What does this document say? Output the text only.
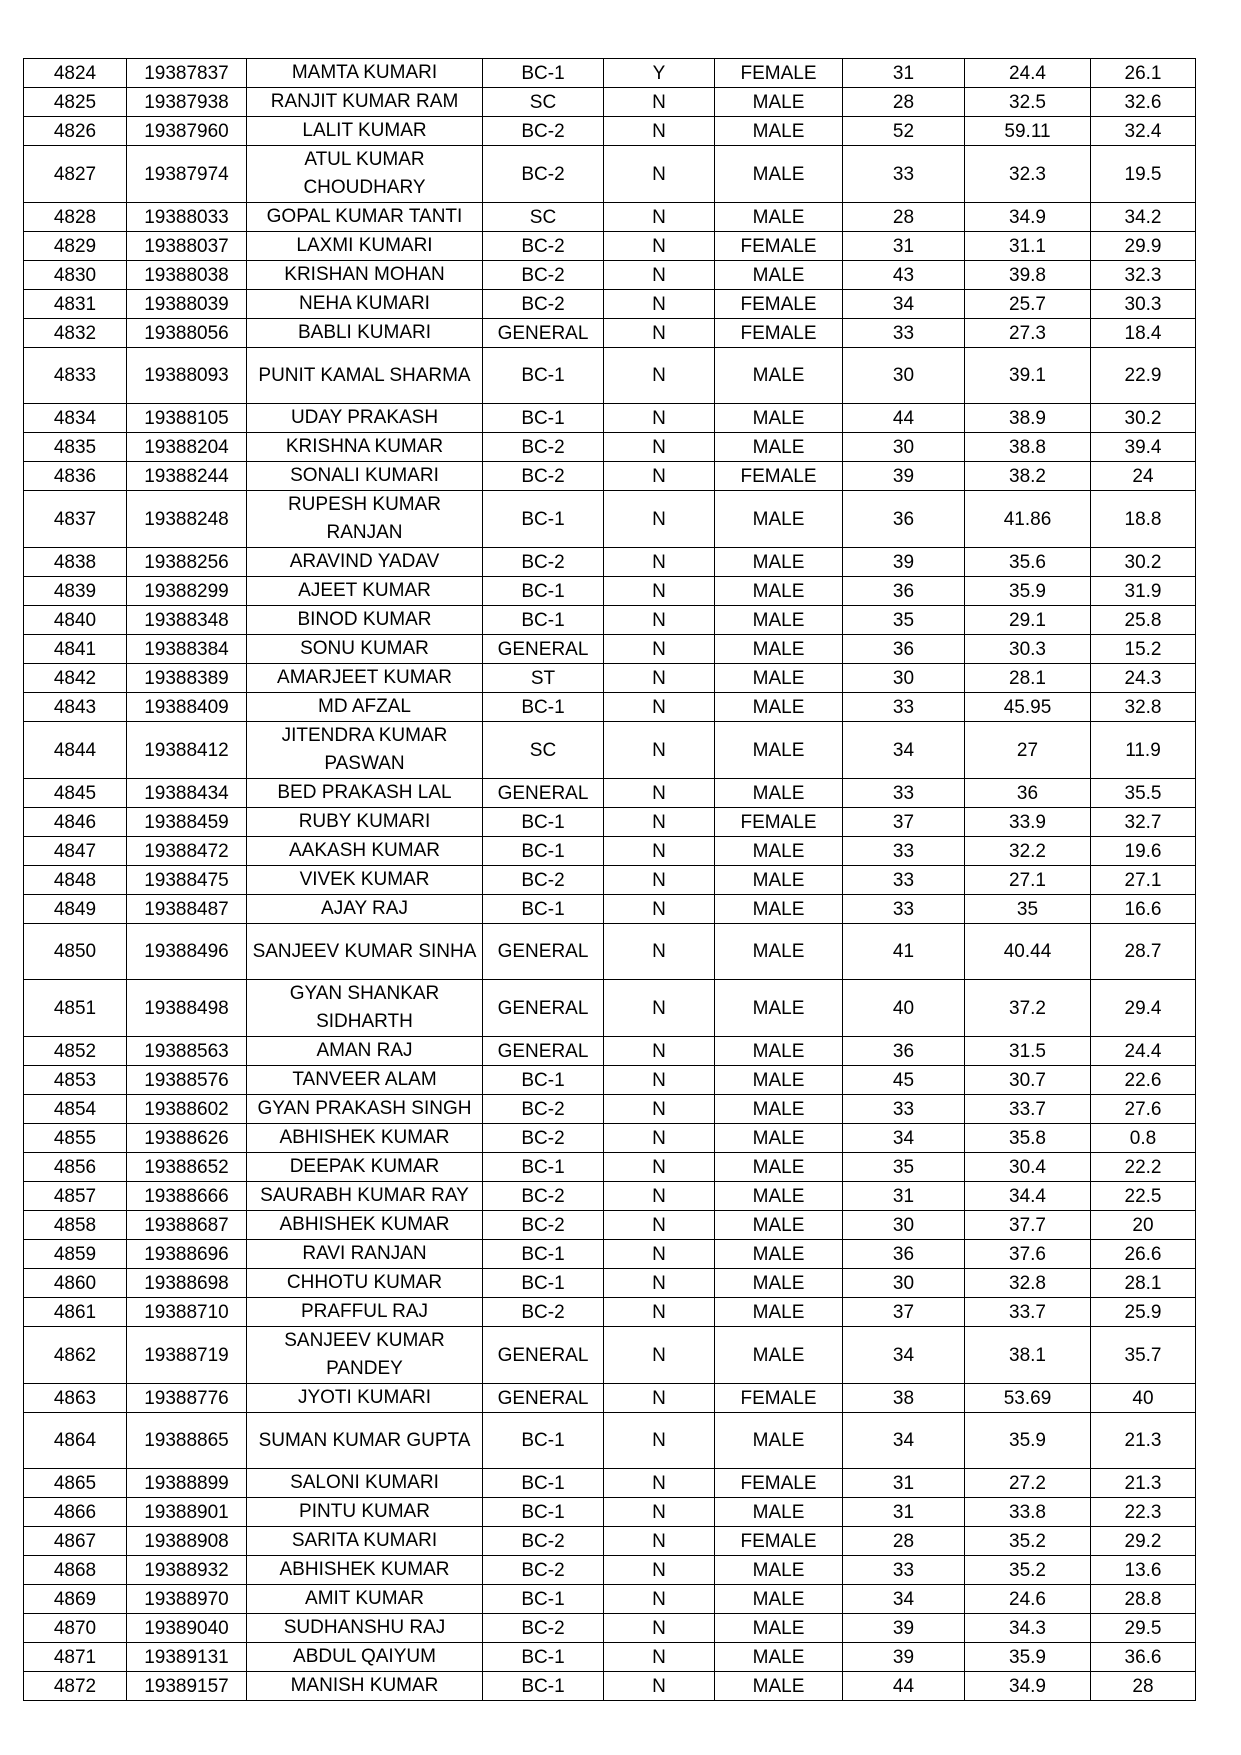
4824	19387837	MAMTA KUMARI	BC-1	Y	FEMALE	31	24.4	26.1
4825	19387938	RANJIT KUMAR RAM	SC	N	MALE	28	32.5	32.6
4826	19387960	LALIT KUMAR	BC-2	N	MALE	52	59.11	32.4
4827	19387974	ATUL KUMAR CHOUDHARY	BC-2	N	MALE	33	32.3	19.5
4828	19388033	GOPAL KUMAR TANTI	SC	N	MALE	28	34.9	34.2
4829	19388037	LAXMI KUMARI	BC-2	N	FEMALE	31	31.1	29.9
4830	19388038	KRISHAN MOHAN	BC-2	N	MALE	43	39.8	32.3
4831	19388039	NEHA KUMARI	BC-2	N	FEMALE	34	25.7	30.3
4832	19388056	BABLI KUMARI	GENERAL	N	FEMALE	33	27.3	18.4
4833	19388093	PUNIT KAMAL SHARMA	BC-1	N	MALE	30	39.1	22.9
4834	19388105	UDAY PRAKASH	BC-1	N	MALE	44	38.9	30.2
4835	19388204	KRISHNA KUMAR	BC-2	N	MALE	30	38.8	39.4
4836	19388244	SONALI KUMARI	BC-2	N	FEMALE	39	38.2	24
4837	19388248	RUPESH KUMAR RANJAN	BC-1	N	MALE	36	41.86	18.8
4838	19388256	ARAVIND YADAV	BC-2	N	MALE	39	35.6	30.2
4839	19388299	AJEET KUMAR	BC-1	N	MALE	36	35.9	31.9
4840	19388348	BINOD KUMAR	BC-1	N	MALE	35	29.1	25.8
4841	19388384	SONU KUMAR	GENERAL	N	MALE	36	30.3	15.2
4842	19388389	AMARJEET KUMAR	ST	N	MALE	30	28.1	24.3
4843	19388409	MD AFZAL	BC-1	N	MALE	33	45.95	32.8
4844	19388412	JITENDRA KUMAR PASWAN	SC	N	MALE	34	27	11.9
4845	19388434	BED PRAKASH LAL	GENERAL	N	MALE	33	36	35.5
4846	19388459	RUBY KUMARI	BC-1	N	FEMALE	37	33.9	32.7
4847	19388472	AAKASH KUMAR	BC-1	N	MALE	33	32.2	19.6
4848	19388475	VIVEK KUMAR	BC-2	N	MALE	33	27.1	27.1
4849	19388487	AJAY RAJ	BC-1	N	MALE	33	35	16.6
4850	19388496	SANJEEV KUMAR SINHA	GENERAL	N	MALE	41	40.44	28.7
4851	19388498	GYAN SHANKAR SIDHARTH	GENERAL	N	MALE	40	37.2	29.4
4852	19388563	AMAN RAJ	GENERAL	N	MALE	36	31.5	24.4
4853	19388576	TANVEER ALAM	BC-1	N	MALE	45	30.7	22.6
4854	19388602	GYAN PRAKASH SINGH	BC-2	N	MALE	33	33.7	27.6
4855	19388626	ABHISHEK KUMAR	BC-2	N	MALE	34	35.8	0.8
4856	19388652	DEEPAK KUMAR	BC-1	N	MALE	35	30.4	22.2
4857	19388666	SAURABH KUMAR RAY	BC-2	N	MALE	31	34.4	22.5
4858	19388687	ABHISHEK KUMAR	BC-2	N	MALE	30	37.7	20
4859	19388696	RAVI RANJAN	BC-1	N	MALE	36	37.6	26.6
4860	19388698	CHHOTU KUMAR	BC-1	N	MALE	30	32.8	28.1
4861	19388710	PRAFFUL RAJ	BC-2	N	MALE	37	33.7	25.9
4862	19388719	SANJEEV KUMAR PANDEY	GENERAL	N	MALE	34	38.1	35.7
4863	19388776	JYOTI KUMARI	GENERAL	N	FEMALE	38	53.69	40
4864	19388865	SUMAN KUMAR GUPTA	BC-1	N	MALE	34	35.9	21.3
4865	19388899	SALONI KUMARI	BC-1	N	FEMALE	31	27.2	21.3
4866	19388901	PINTU KUMAR	BC-1	N	MALE	31	33.8	22.3
4867	19388908	SARITA KUMARI	BC-2	N	FEMALE	28	35.2	29.2
4868	19388932	ABHISHEK KUMAR	BC-2	N	MALE	33	35.2	13.6
4869	19388970	AMIT KUMAR	BC-1	N	MALE	34	24.6	28.8
4870	19389040	SUDHANSHU RAJ	BC-2	N	MALE	39	34.3	29.5
4871	19389131	ABDUL QAIYUM	BC-1	N	MALE	39	35.9	36.6
4872	19389157	MANISH KUMAR	BC-1	N	MALE	44	34.9	28
